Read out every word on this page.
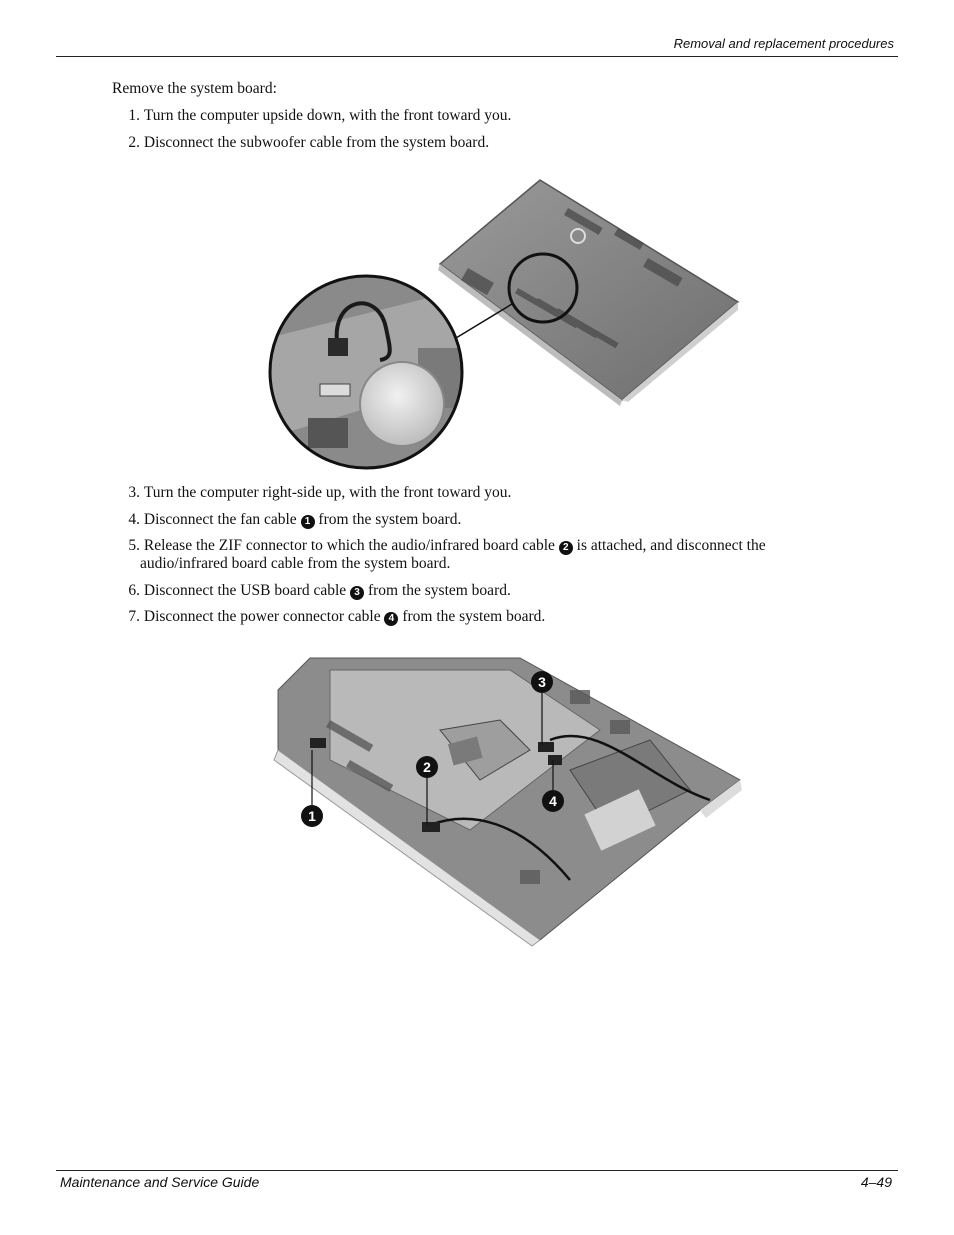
Removal and replacement procedures
Remove the system board:
1. Turn the computer upside down, with the front toward you.
2. Disconnect the subwoofer cable from the system board.
3. Turn the computer right-side up, with the front toward you.
4. Disconnect the fan cable 1 from the system board.
5. Release the ZIF connector to which the audio/infrared board cable 2 is attached, and disconnect the audio/infrared board cable from the system board.
6. Disconnect the USB board cable 3 from the system board.
7. Disconnect the power connector cable 4 from the system board.
1
2
3
4
Maintenance and Service Guide	4–49
